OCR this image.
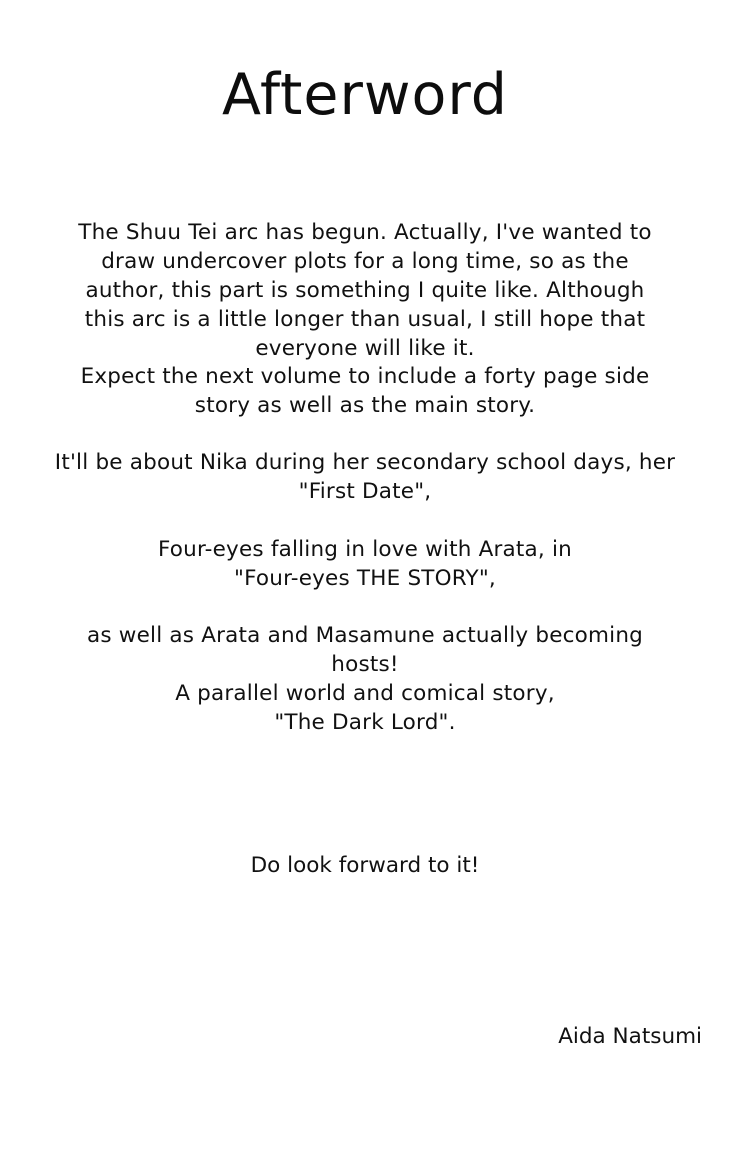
Afterword
The Shuu Tei arc has begun. Actually, I've wanted to
draw undercover plots for a long time, so as the
author, this part is something I quite like. Although
this arc is a little longer than usual, I still hope that
everyone will like it.
Expect the next volume to include a forty page side
story as well as the main story.
It'll be about Nika during her secondary school days, her
"First Date",
Four-eyes falling in love with Arata, in
"Four-eyes THE STORY",
as well as Arata and Masamune actually becoming
hosts!
A parallel world and comical story,
"The Dark Lord".
Do look forward to it!
Aida Natsumi
